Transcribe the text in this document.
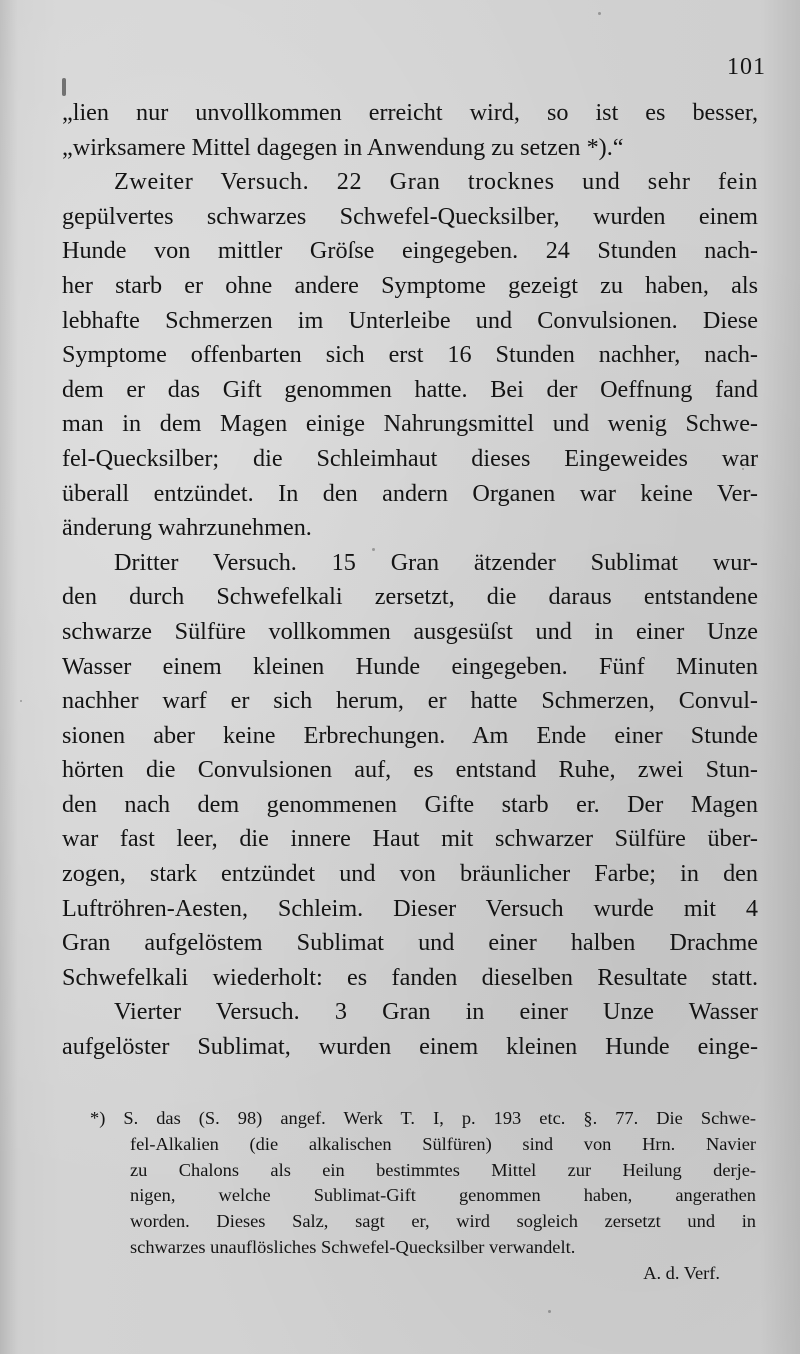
101
„lien nur unvollkommen erreicht wird, so ist es besser,
„wirksamere Mittel dagegen in Anwendung zu setzen *).“
Zweiter Versuch. 22 Gran trocknes und sehr fein
gepülvertes schwarzes Schwefel-Quecksilber, wurden einem
Hunde von mittler Gröſse eingegeben. 24 Stunden nach-
her starb er ohne andere Symptome gezeigt zu haben, als
lebhafte Schmerzen im Unterleibe und Convulsionen. Diese
Symptome offenbarten sich erst 16 Stunden nachher, nach-
dem er das Gift genommen hatte. Bei der Oeffnung fand
man in dem Magen einige Nahrungsmittel und wenig Schwe-
fel-Quecksilber; die Schleimhaut dieses Eingeweides war
überall entzündet. In den andern Organen war keine Ver-
änderung wahrzunehmen.
Dritter Versuch. 15 Gran ätzender Sublimat wur-
den durch Schwefelkali zersetzt, die daraus entstandene
schwarze Sülfüre vollkommen ausgesüſst und in einer Unze
Wasser einem kleinen Hunde eingegeben. Fünf Minuten
nachher warf er sich herum, er hatte Schmerzen, Convul-
sionen aber keine Erbrechungen. Am Ende einer Stunde
hörten die Convulsionen auf, es entstand Ruhe, zwei Stun-
den nach dem genommenen Gifte starb er. Der Magen
war fast leer, die innere Haut mit schwarzer Sülfüre über-
zogen, stark entzündet und von bräunlicher Farbe; in den
Luftröhren-Aesten, Schleim. Dieser Versuch wurde mit 4
Gran aufgelöstem Sublimat und einer halben Drachme
Schwefelkali wiederholt: es fanden dieselben Resultate statt.
Vierter Versuch. 3 Gran in einer Unze Wasser
aufgelöster Sublimat, wurden einem kleinen Hunde einge-
*) S. das (S. 98) angef. Werk T. I, p. 193 etc. §. 77. Die Schwe-
fel-Alkalien (die alkalischen Sülfüren) sind von Hrn. Navier
zu Chalons als ein bestimmtes Mittel zur Heilung derje-
nigen, welche Sublimat-Gift genommen haben, angerathen
worden. Dieses Salz, sagt er, wird sogleich zersetzt und in
schwarzes unauflösliches Schwefel-Quecksilber verwandelt.
A. d. Verf.
